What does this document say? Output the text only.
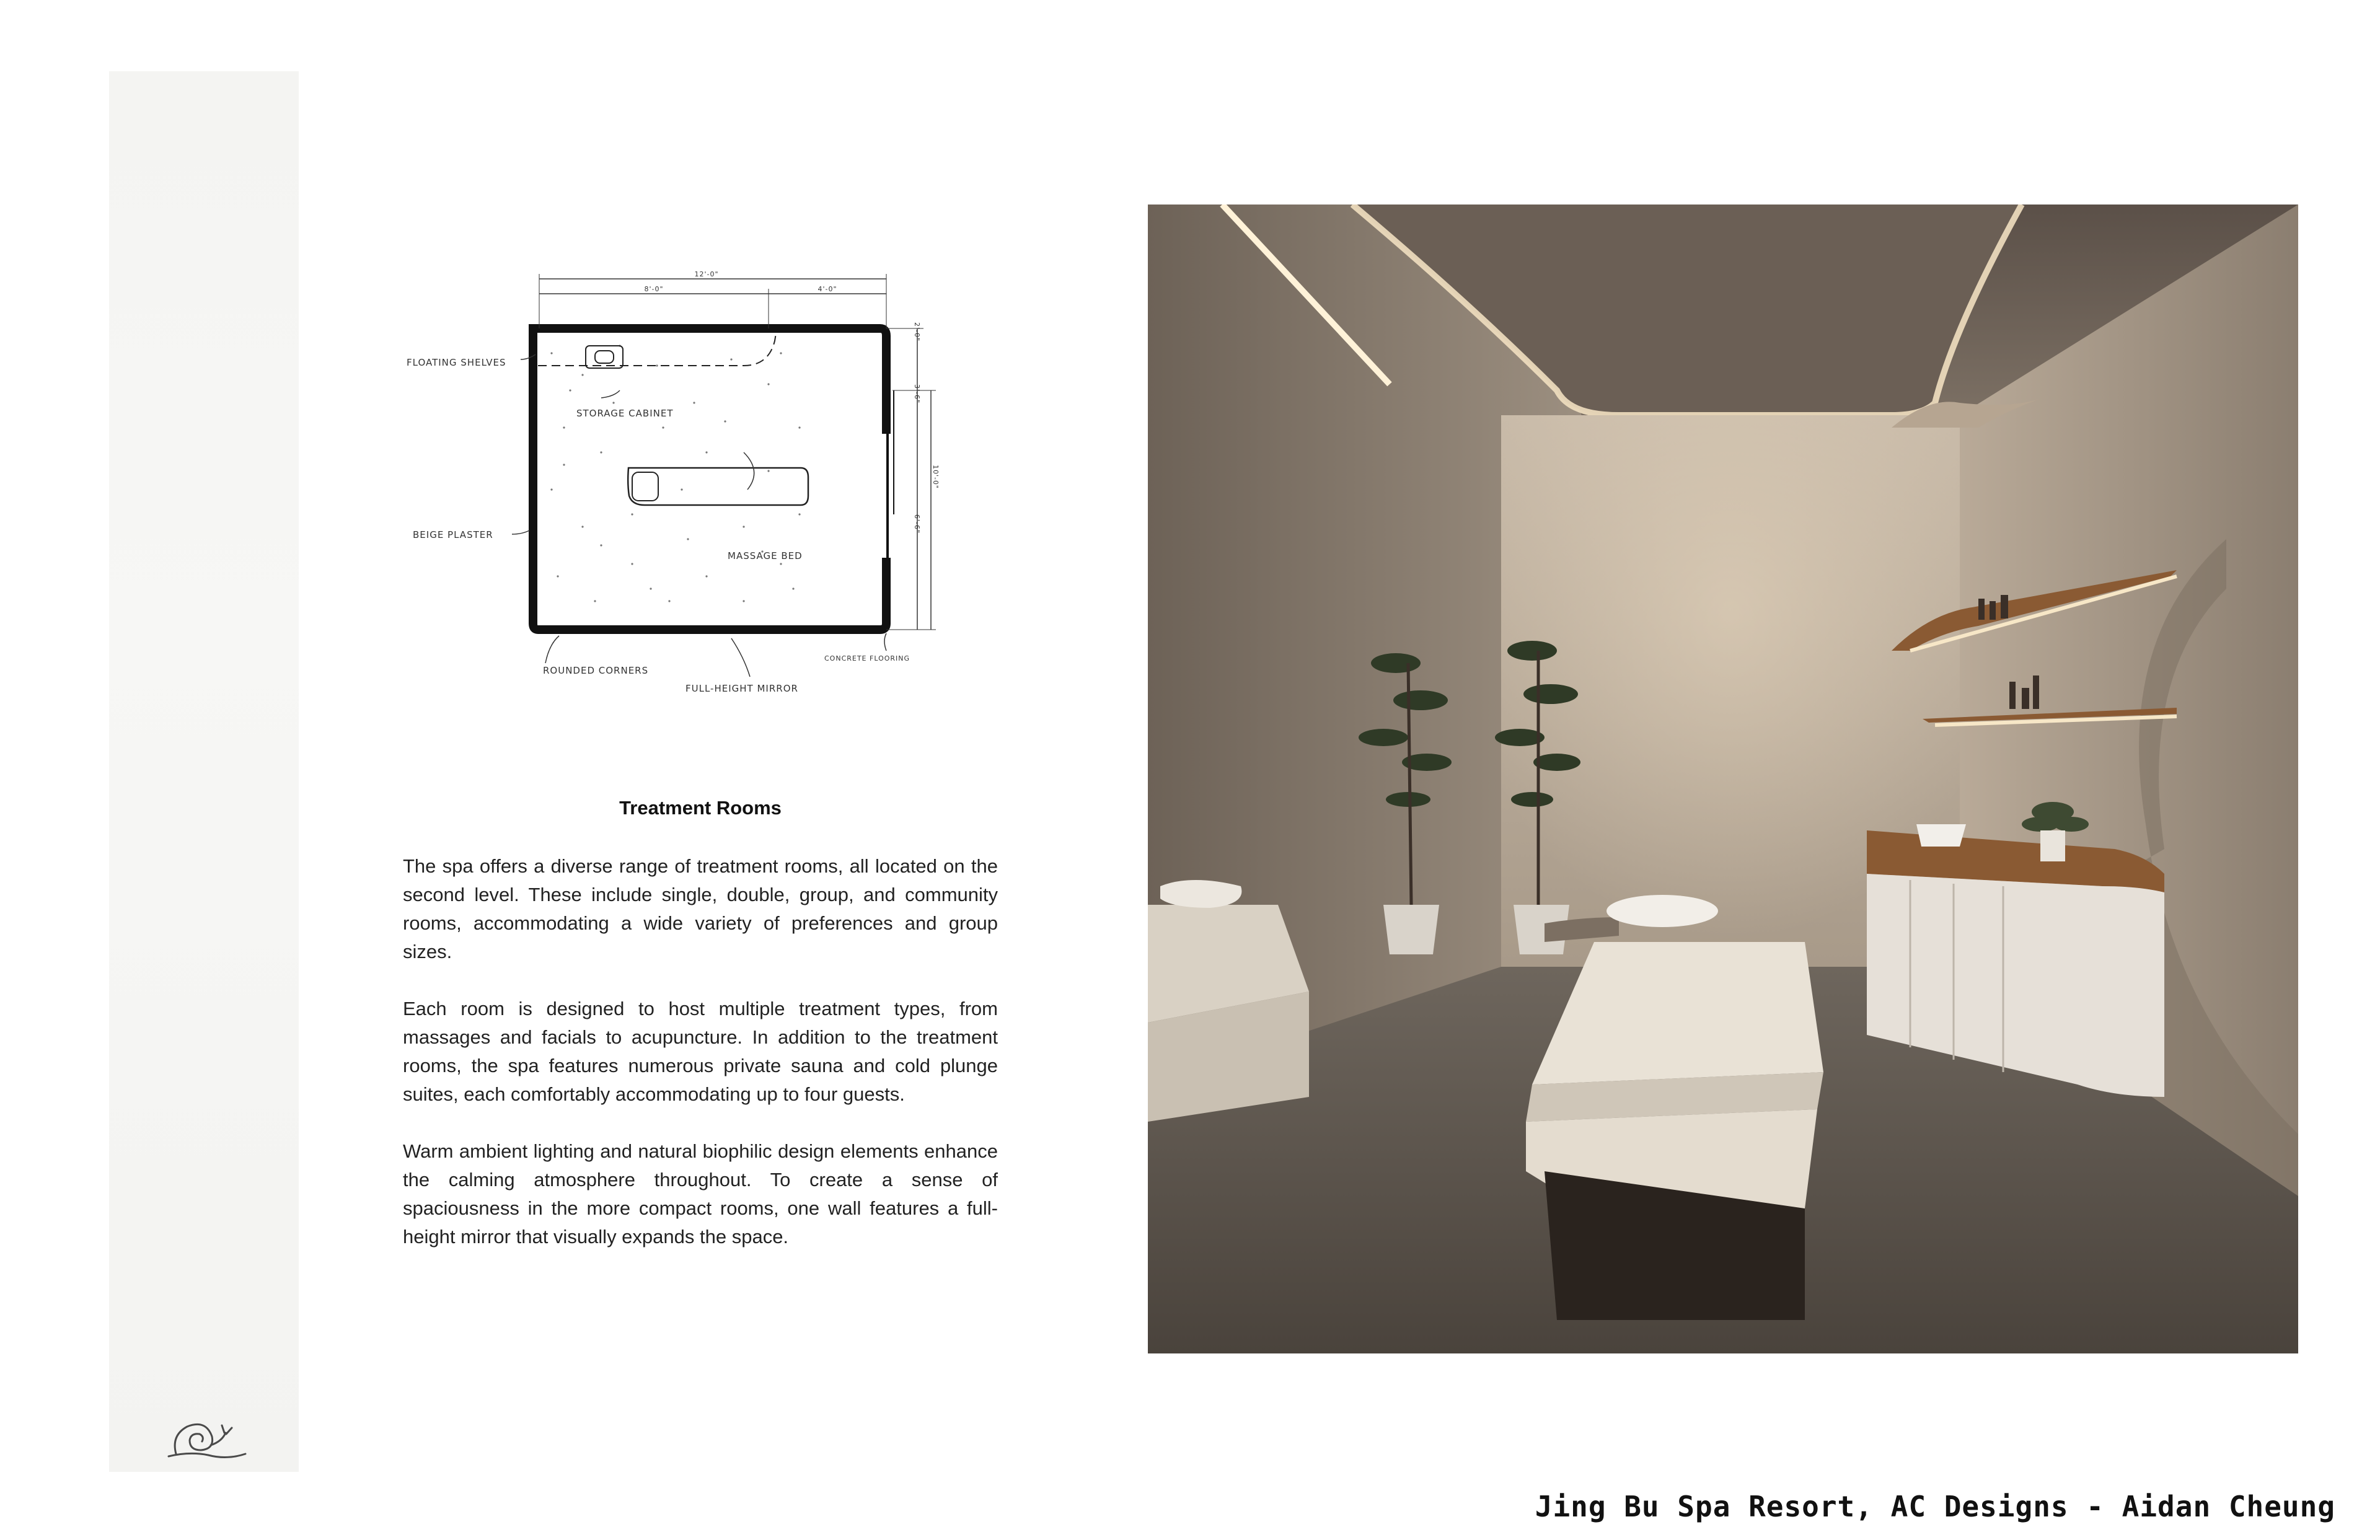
12'-0"
8'-0"	4'-0"
2'-0"
3'-6"
6'-6"
10'-0"
FLOATING SHELVES
STORAGE CABINET
BEIGE PLASTER
MASSAGE BED
ROUNDED CORNERS
FULL-HEIGHT MIRROR
CONCRETE FLOORING
Treatment Rooms

The spa offers a diverse range of treatment rooms, all located on the second level. These include single, double, group, and community rooms, accommodating a wide variety of preferences and group sizes.

Each room is designed to host multiple treatment types, from massages and facials to acupuncture. In addition to the treatment rooms, the spa features numerous private sauna and cold plunge suites, each comfortably accommodating up to four guests.

Warm ambient lighting and natural biophilic design elements enhance the calming atmosphere throughout. To create a sense of spaciousness in the more compact rooms, one wall features a full-height mirror that visually expands the space.

Jing Bu Spa Resort, AC Designs - Aidan Cheung
